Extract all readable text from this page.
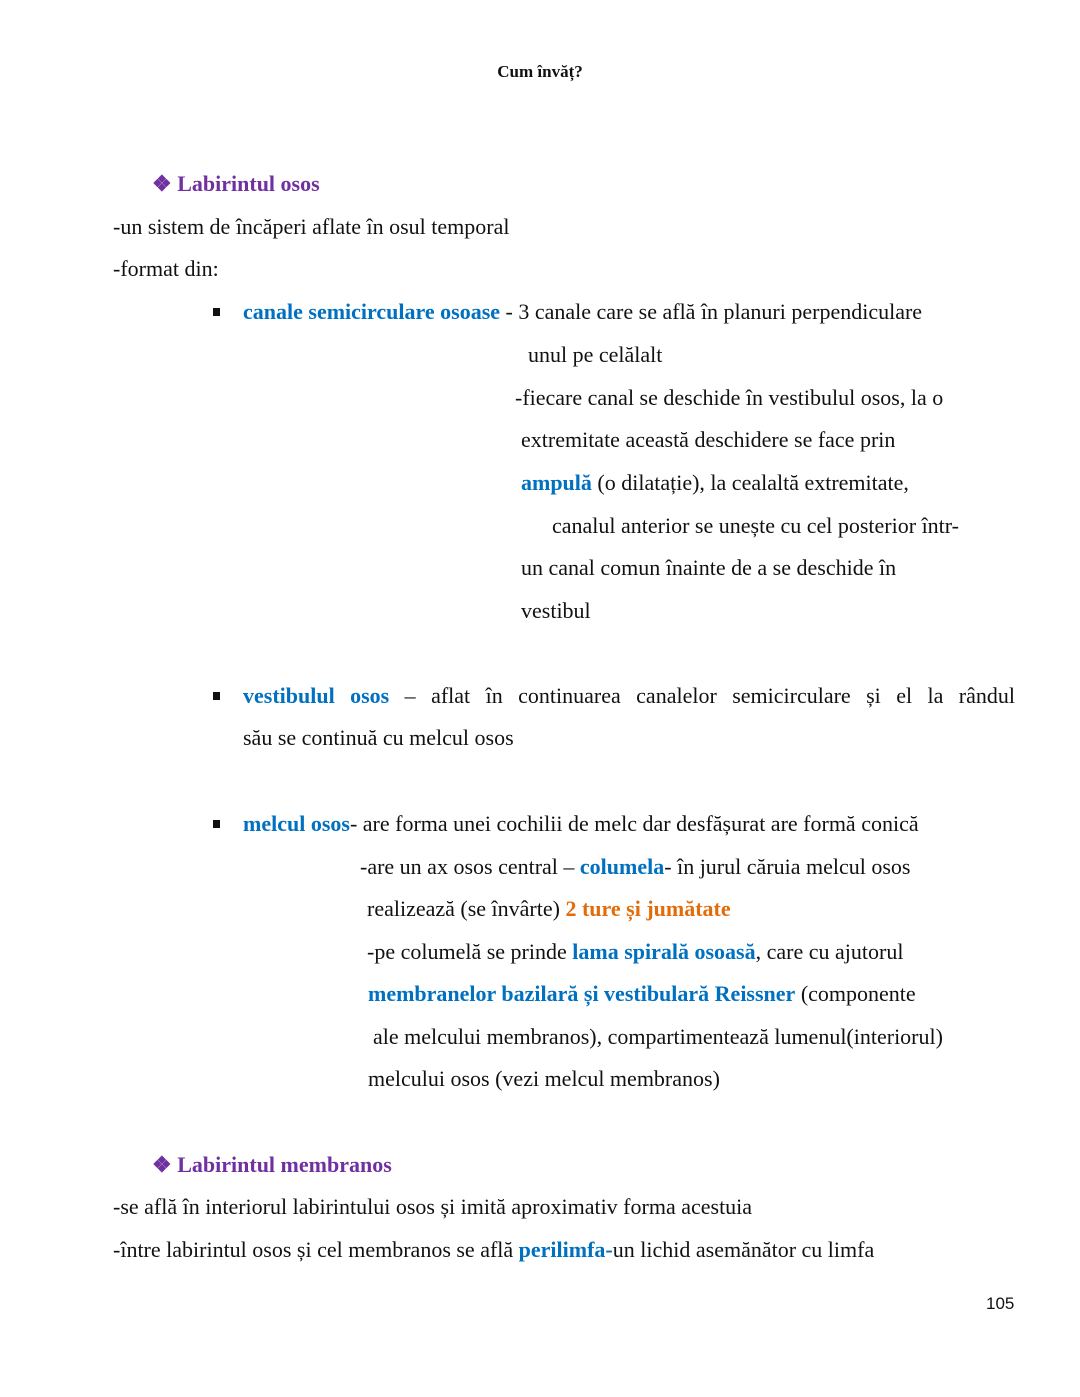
Cum învăț?
❖ Labirintul osos
-un sistem de încăperi aflate în osul temporal
-format din:
canale semicirculare osoase - 3 canale care se află în planuri perpendiculare
unul pe celălalt
-fiecare canal se deschide în vestibulul osos, la o
extremitate această deschidere se face prin
ampulă (o dilatație), la cealaltă extremitate,
canalul anterior se unește cu cel posterior într-
un canal comun înainte de a se deschide în
vestibul
vestibulul osos – aflat în continuarea canalelor semicirculare și el la rândul
său se continuă cu melcul osos
melcul osos- are forma unei cochilii de melc dar desfășurat are formă conică
-are un ax osos central – columela- în jurul căruia melcul osos
realizează (se învârte) 2 ture și jumătate
-pe columelă se prinde lama spirală osoasă, care cu ajutorul
membranelor bazilară și vestibulară Reissner (componente
ale melcului membranos), compartimentează lumenul(interiorul)
melcului osos (vezi melcul membranos)
❖ Labirintul membranos
-se află în interiorul labirintului osos și imită aproximativ forma acestuia
-între labirintul osos și cel membranos se află perilimfa-un lichid asemănător cu limfa
105
